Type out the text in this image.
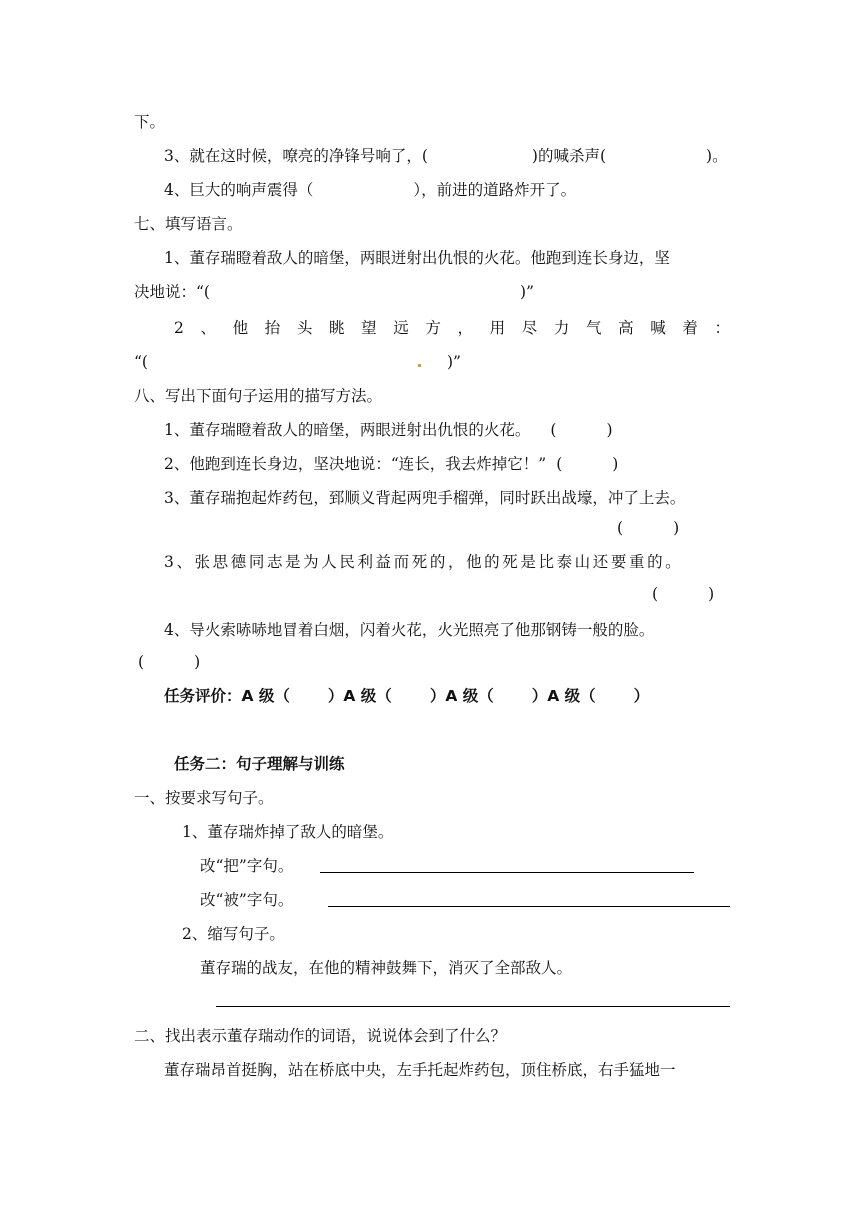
下。
3、就在这时候，嘹亮的净锋号响了，(	)的喊杀声(	)。
4、巨大的响声震得（	），前进的道路炸开了。
七、填写语言。
1、董存瑞瞪着敌人的暗堡，两眼迸射出仇恨的火花。他跑到连长身边，坚
决地说：“(	)”
2 、 他 抬 头 眺 望 远 方 ， 用 尽 力 气 高 喊 着 ：
“(	)”
八、写出下面句子运用的描写方法。
1、董存瑞瞪着敌人的暗堡，两眼迸射出仇恨的火花。 (	)
2、他跑到连长身边，坚决地说：“连长，我去炸掉它！” (	)
3、董存瑞抱起炸药包，郅顺义背起两兜手榴弹，同时跃出战壕，冲了上去。
(	)
3、张思德同志是为人民利益而死的，他的死是比泰山还要重的。
(	)
4、导火索哧哧地冒着白烟，闪着火花，火光照亮了他那钢铸一般的脸。
(	)
任务评价：A 级（ ）A 级（ ）A 级（ ）A 级（ ）
任务二：句子理解与训练
一、按要求写句子。
1、董存瑞炸掉了敌人的暗堡。
改“把”字句。
改“被”字句。
2、缩写句子。
董存瑞的战友，在他的精神鼓舞下，消灭了全部敌人。
二、找出表示董存瑞动作的词语，说说体会到了什么？
董存瑞昂首挺胸，站在桥底中央，左手托起炸药包，顶住桥底，右手猛地一
